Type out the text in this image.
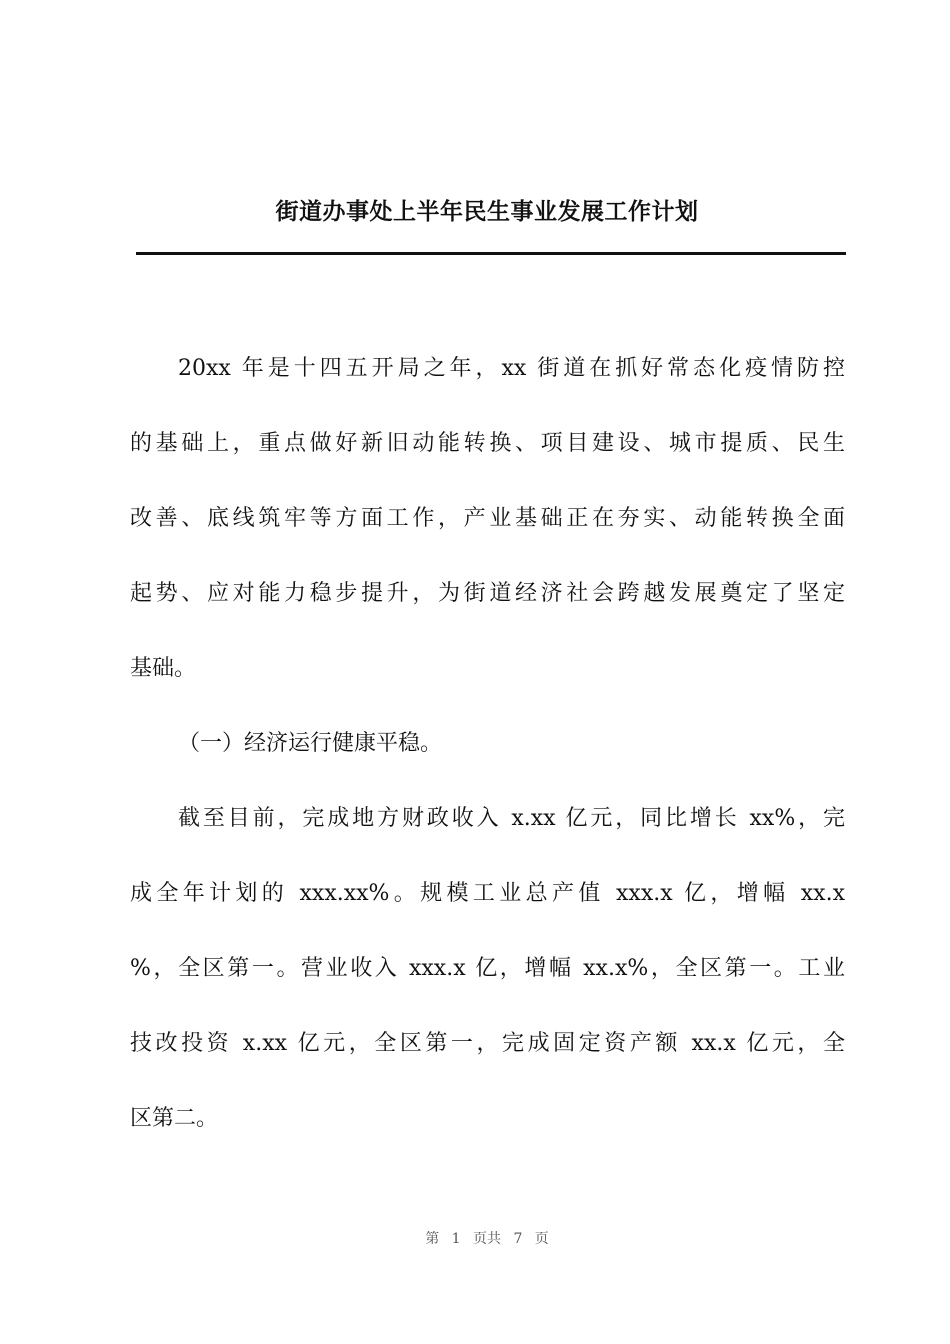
街道办事处上半年民生事业发展工作计划
20xx 年是十四五开局之年，xx 街道在抓好常态化疫情防控
的基础上，重点做好新旧动能转换、项目建设、城市提质、民生
改善、底线筑牢等方面工作，产业基础正在夯实、动能转换全面
起势、应对能力稳步提升，为街道经济社会跨越发展奠定了坚定
基础。
（一）经济运行健康平稳。
截至目前，完成地方财政收入 x.xx 亿元，同比增长 xx%，完
成全年计划的 xxx.xx%。规模工业总产值 xxx.x 亿，增幅 xx.x
%，全区第一。营业收入 xxx.x 亿，增幅 xx.x%，全区第一。工业
技改投资 x.xx 亿元，全区第一，完成固定资产额 xx.x 亿元，全
区第二。
第 1 页共 7 页
